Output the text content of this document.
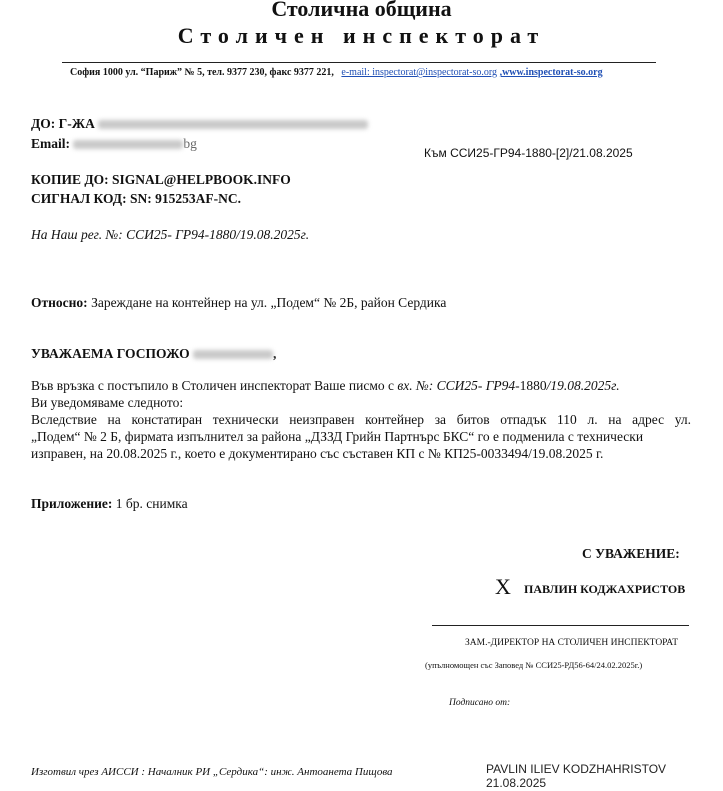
Столична община
Столичен инспекторат
София 1000 ул. “Париж” № 5, тел. 9377 230, факс 9377 221, e-mail: inspectorat@inspectorat-so.org ,www.inspectorat-so.org
ДО: Г-ЖА
Email:	bg
Към ССИ25-ГР94-1880-[2]/21.08.2025
КОПИЕ ДО: SIGNAL@HELPBOOK.INFO
СИГНАЛ КОД: SN: 915253AF-NC.
На Наш рег. №: ССИ25- ГР94-1880/19.08.2025г.
Относно: Зареждане на контейнер на ул. „Подем“ № 2Б, район Сердика
УВАЖАЕМА ГОСПОЖО	,
Във връзка с постъпило в Столичен инспекторат Ваше писмо с вх. №: ССИ25- ГР94-1880/19.08.2025г.
Ви уведомяваме следното:
Вследствие на констатиран технически неизправен контейнер за битов отпадък 110 л. на адрес ул.
„Подем“ № 2 Б, фирмата изпълнител за района „ДЗЗД Грийн Партнърс БКС“ го е подменила с технически
изправен, на 20.08.2025 г., което е документирано със съставен КП с № КП25-0033494/19.08.2025 г.
Приложение: 1 бр. снимка
С УВАЖЕНИЕ:
X ПАВЛИН КОДЖАХРИСТОВ
ЗАМ.-ДИРЕКТОР НА СТОЛИЧЕН ИНСПЕКТОРАТ
(упълномощен със Заповед № ССИ25-РД56-64/24.02.2025г.)
Подписано от:
Изготвил чрез АИССИ : Началник РИ „Сердика“: инж. Антоанета Пищова	PAVLIN ILIEV KODZHAHRISTOV
21.08.2025
